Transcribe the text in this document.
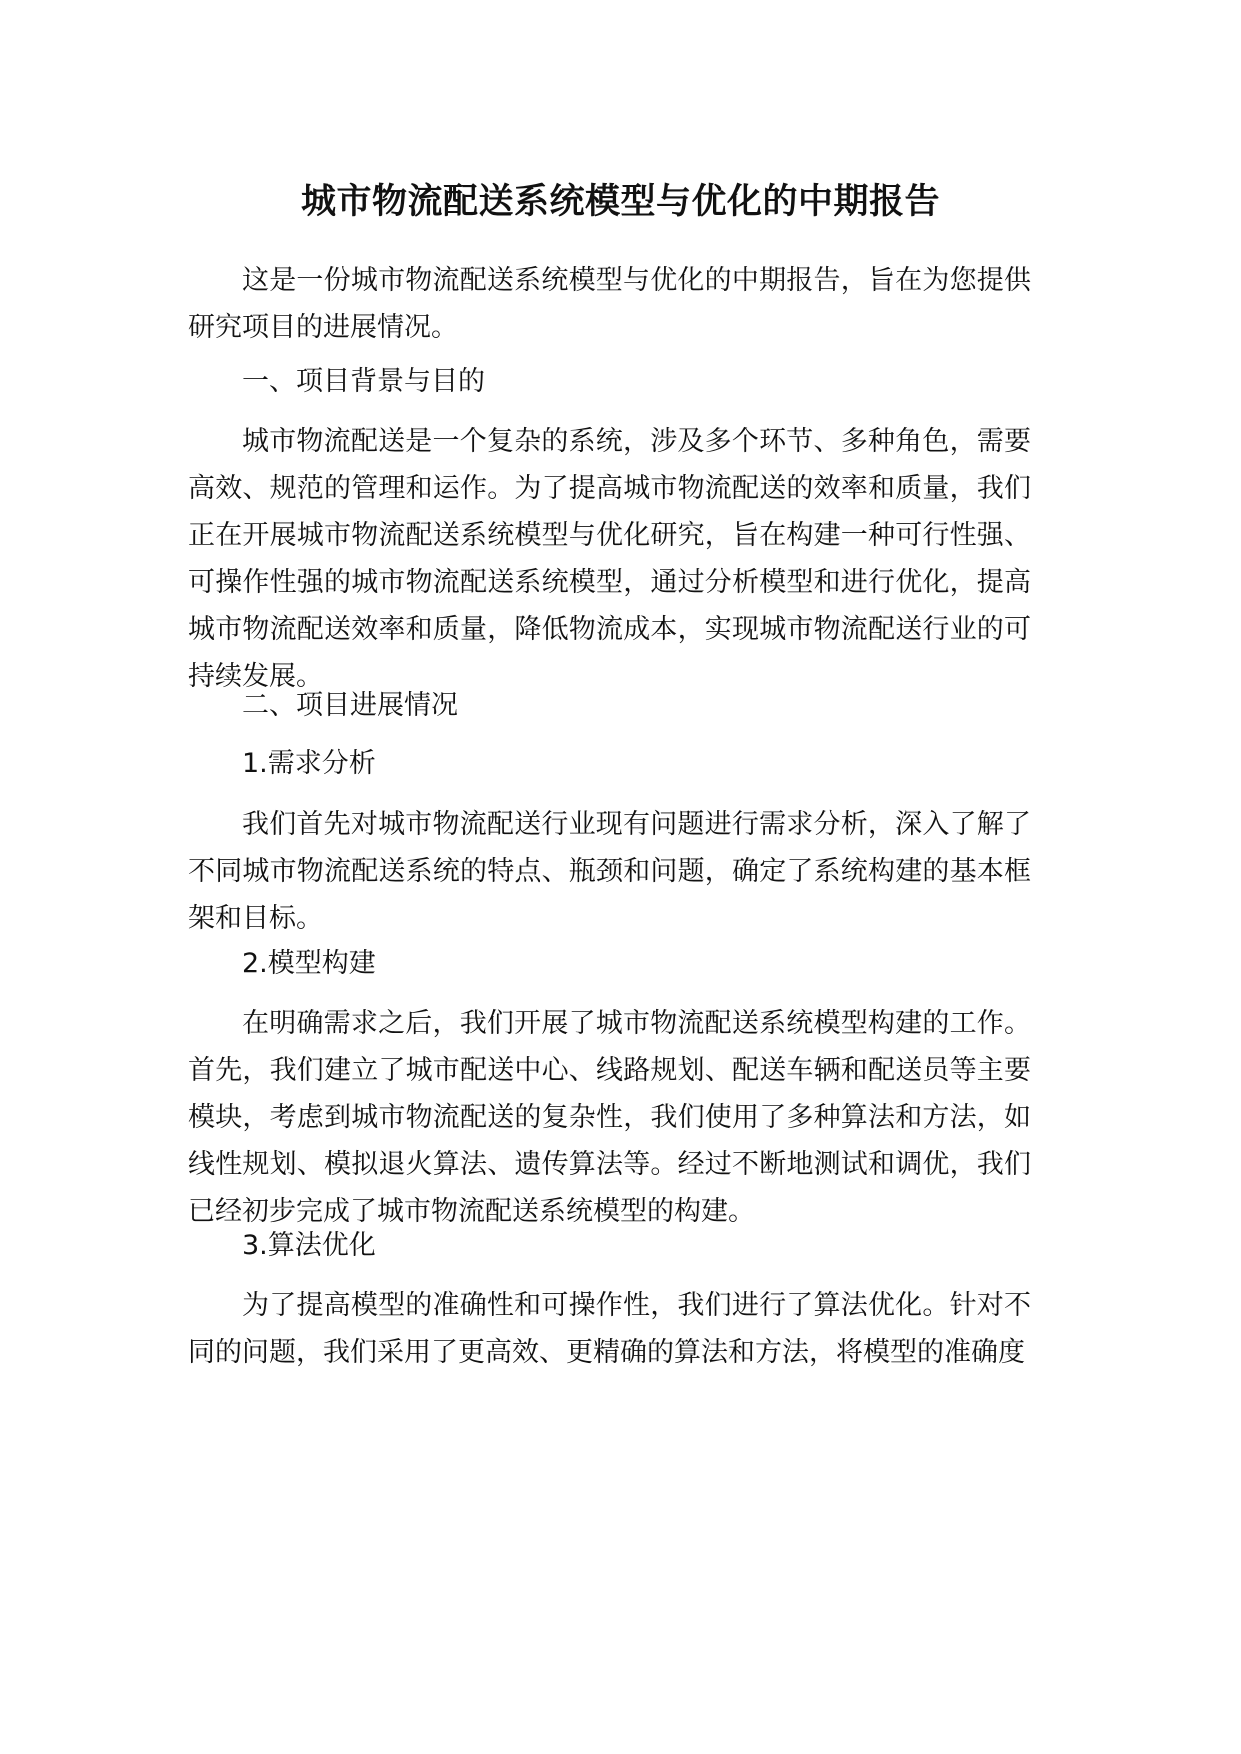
城市物流配送系统模型与优化的中期报告

这是一份城市物流配送系统模型与优化的中期报告，旨在为您提供研究项目的进展情况。

一、项目背景与目的

城市物流配送是一个复杂的系统，涉及多个环节、多种角色，需要高效、规范的管理和运作。为了提高城市物流配送的效率和质量，我们正在开展城市物流配送系统模型与优化研究，旨在构建一种可行性强、可操作性强的城市物流配送系统模型，通过分析模型和进行优化，提高城市物流配送效率和质量，降低物流成本，实现城市物流配送行业的可持续发展。

二、项目进展情况

1.需求分析

我们首先对城市物流配送行业现有问题进行需求分析，深入了解了不同城市物流配送系统的特点、瓶颈和问题，确定了系统构建的基本框架和目标。

2.模型构建

在明确需求之后，我们开展了城市物流配送系统模型构建的工作。首先，我们建立了城市配送中心、线路规划、配送车辆和配送员等主要模块，考虑到城市物流配送的复杂性，我们使用了多种算法和方法，如线性规划、模拟退火算法、遗传算法等。经过不断地测试和调优，我们已经初步完成了城市物流配送系统模型的构建。

3.算法优化

为了提高模型的准确性和可操作性，我们进行了算法优化。针对不同的问题，我们采用了更高效、更精确的算法和方法，将模型的准确度
